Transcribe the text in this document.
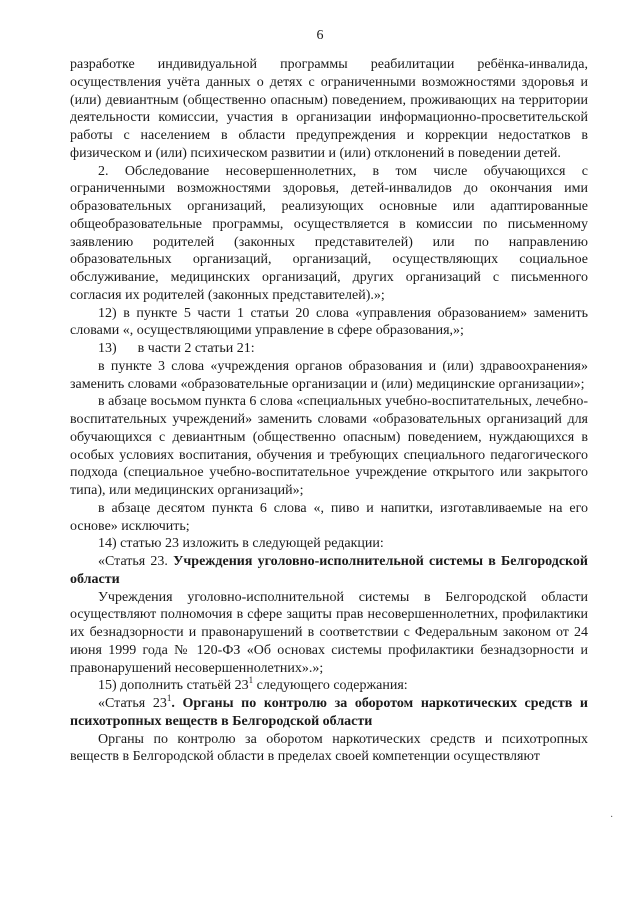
6

разработке индивидуальной программы реабилитации ребёнка-инвалида, осуществления учёта данных о детях с ограниченными возможностями здоровья и (или) девиантным (общественно опасным) поведением, проживающих на территории деятельности комиссии, участия в организации информационно-просветительской работы с населением в области предупреждения и коррекции недостатков в физическом и (или) психическом развитии и (или) отклонений в поведении детей.

2. Обследование несовершеннолетних, в том числе обучающихся с ограниченными возможностями здоровья, детей-инвалидов до окончания ими образовательных организаций, реализующих основные или адаптированные общеобразовательные программы, осуществляется в комиссии по письменному заявлению родителей (законных представителей) или по направлению образовательных организаций, организаций, осуществляющих социальное обслуживание, медицинских организаций, других организаций с письменного согласия их родителей (законных представителей).»;

12) в пункте 5 части 1 статьи 20 слова «управления образованием» заменить словами «, осуществляющими управление в сфере образования,»;

13)      в части 2 статьи 21:

в пункте 3 слова «учреждения органов образования и (или) здравоохранения» заменить словами «образовательные организации и (или) медицинские организации»;

в абзаце восьмом пункта 6 слова «специальных учебно-воспитательных, лечебно-воспитательных учреждений» заменить словами «образовательных организаций для обучающихся с девиантным (общественно опасным) поведением, нуждающихся в особых условиях воспитания, обучения и требующих специального педагогического подхода (специальное учебно-воспитательное учреждение открытого или закрытого типа), или медицинских организаций»;

в абзаце десятом пункта 6 слова «, пиво и напитки, изготавливаемые на его основе» исключить;

14) статью 23 изложить в следующей редакции:

«Статья 23. Учреждения уголовно-исполнительной системы в Белгородской области

Учреждения уголовно-исполнительной системы в Белгородской области осуществляют полномочия в сфере защиты прав несовершеннолетних, профилактики их безнадзорности и правонарушений в соответствии с Федеральным законом от 24 июня 1999 года № 120-ФЗ «Об основах системы профилактики безнадзорности и правонарушений несовершеннолетних».»;

15) дополнить статьёй $23^1$ следующего содержания:

«Статья $23^1$. Органы по контролю за оборотом наркотических средств и психотропных веществ в Белгородской области

Органы по контролю за оборотом наркотических средств и психотропных веществ в Белгородской области в пределах своей компетенции осуществляют

·
